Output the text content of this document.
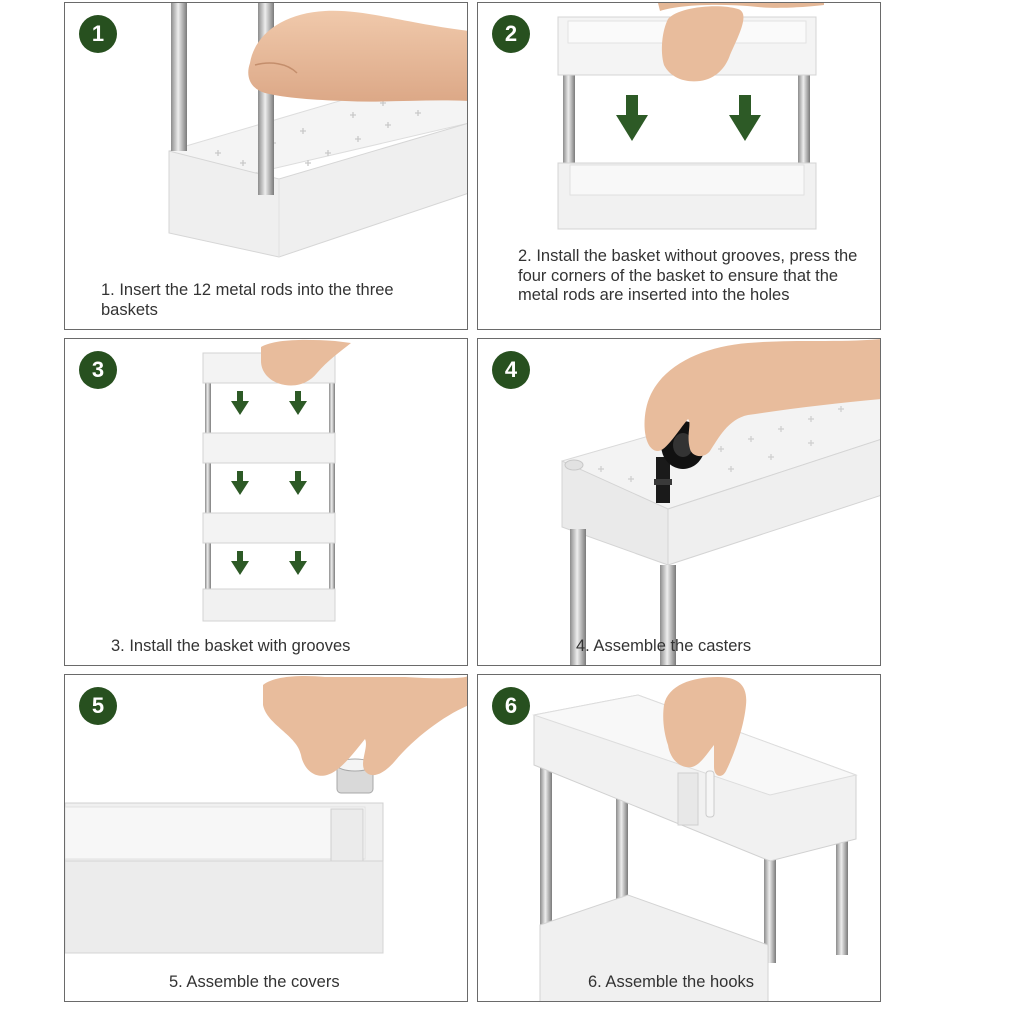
1
1. Insert the 12 metal rods into the three baskets
2
2. Install the basket without grooves, press the four corners of the basket to ensure that the metal rods are inserted into the holes
3
3. Install the basket with grooves
4
4. Assemble the casters
5
5. Assemble the covers
6
6. Assemble the hooks
